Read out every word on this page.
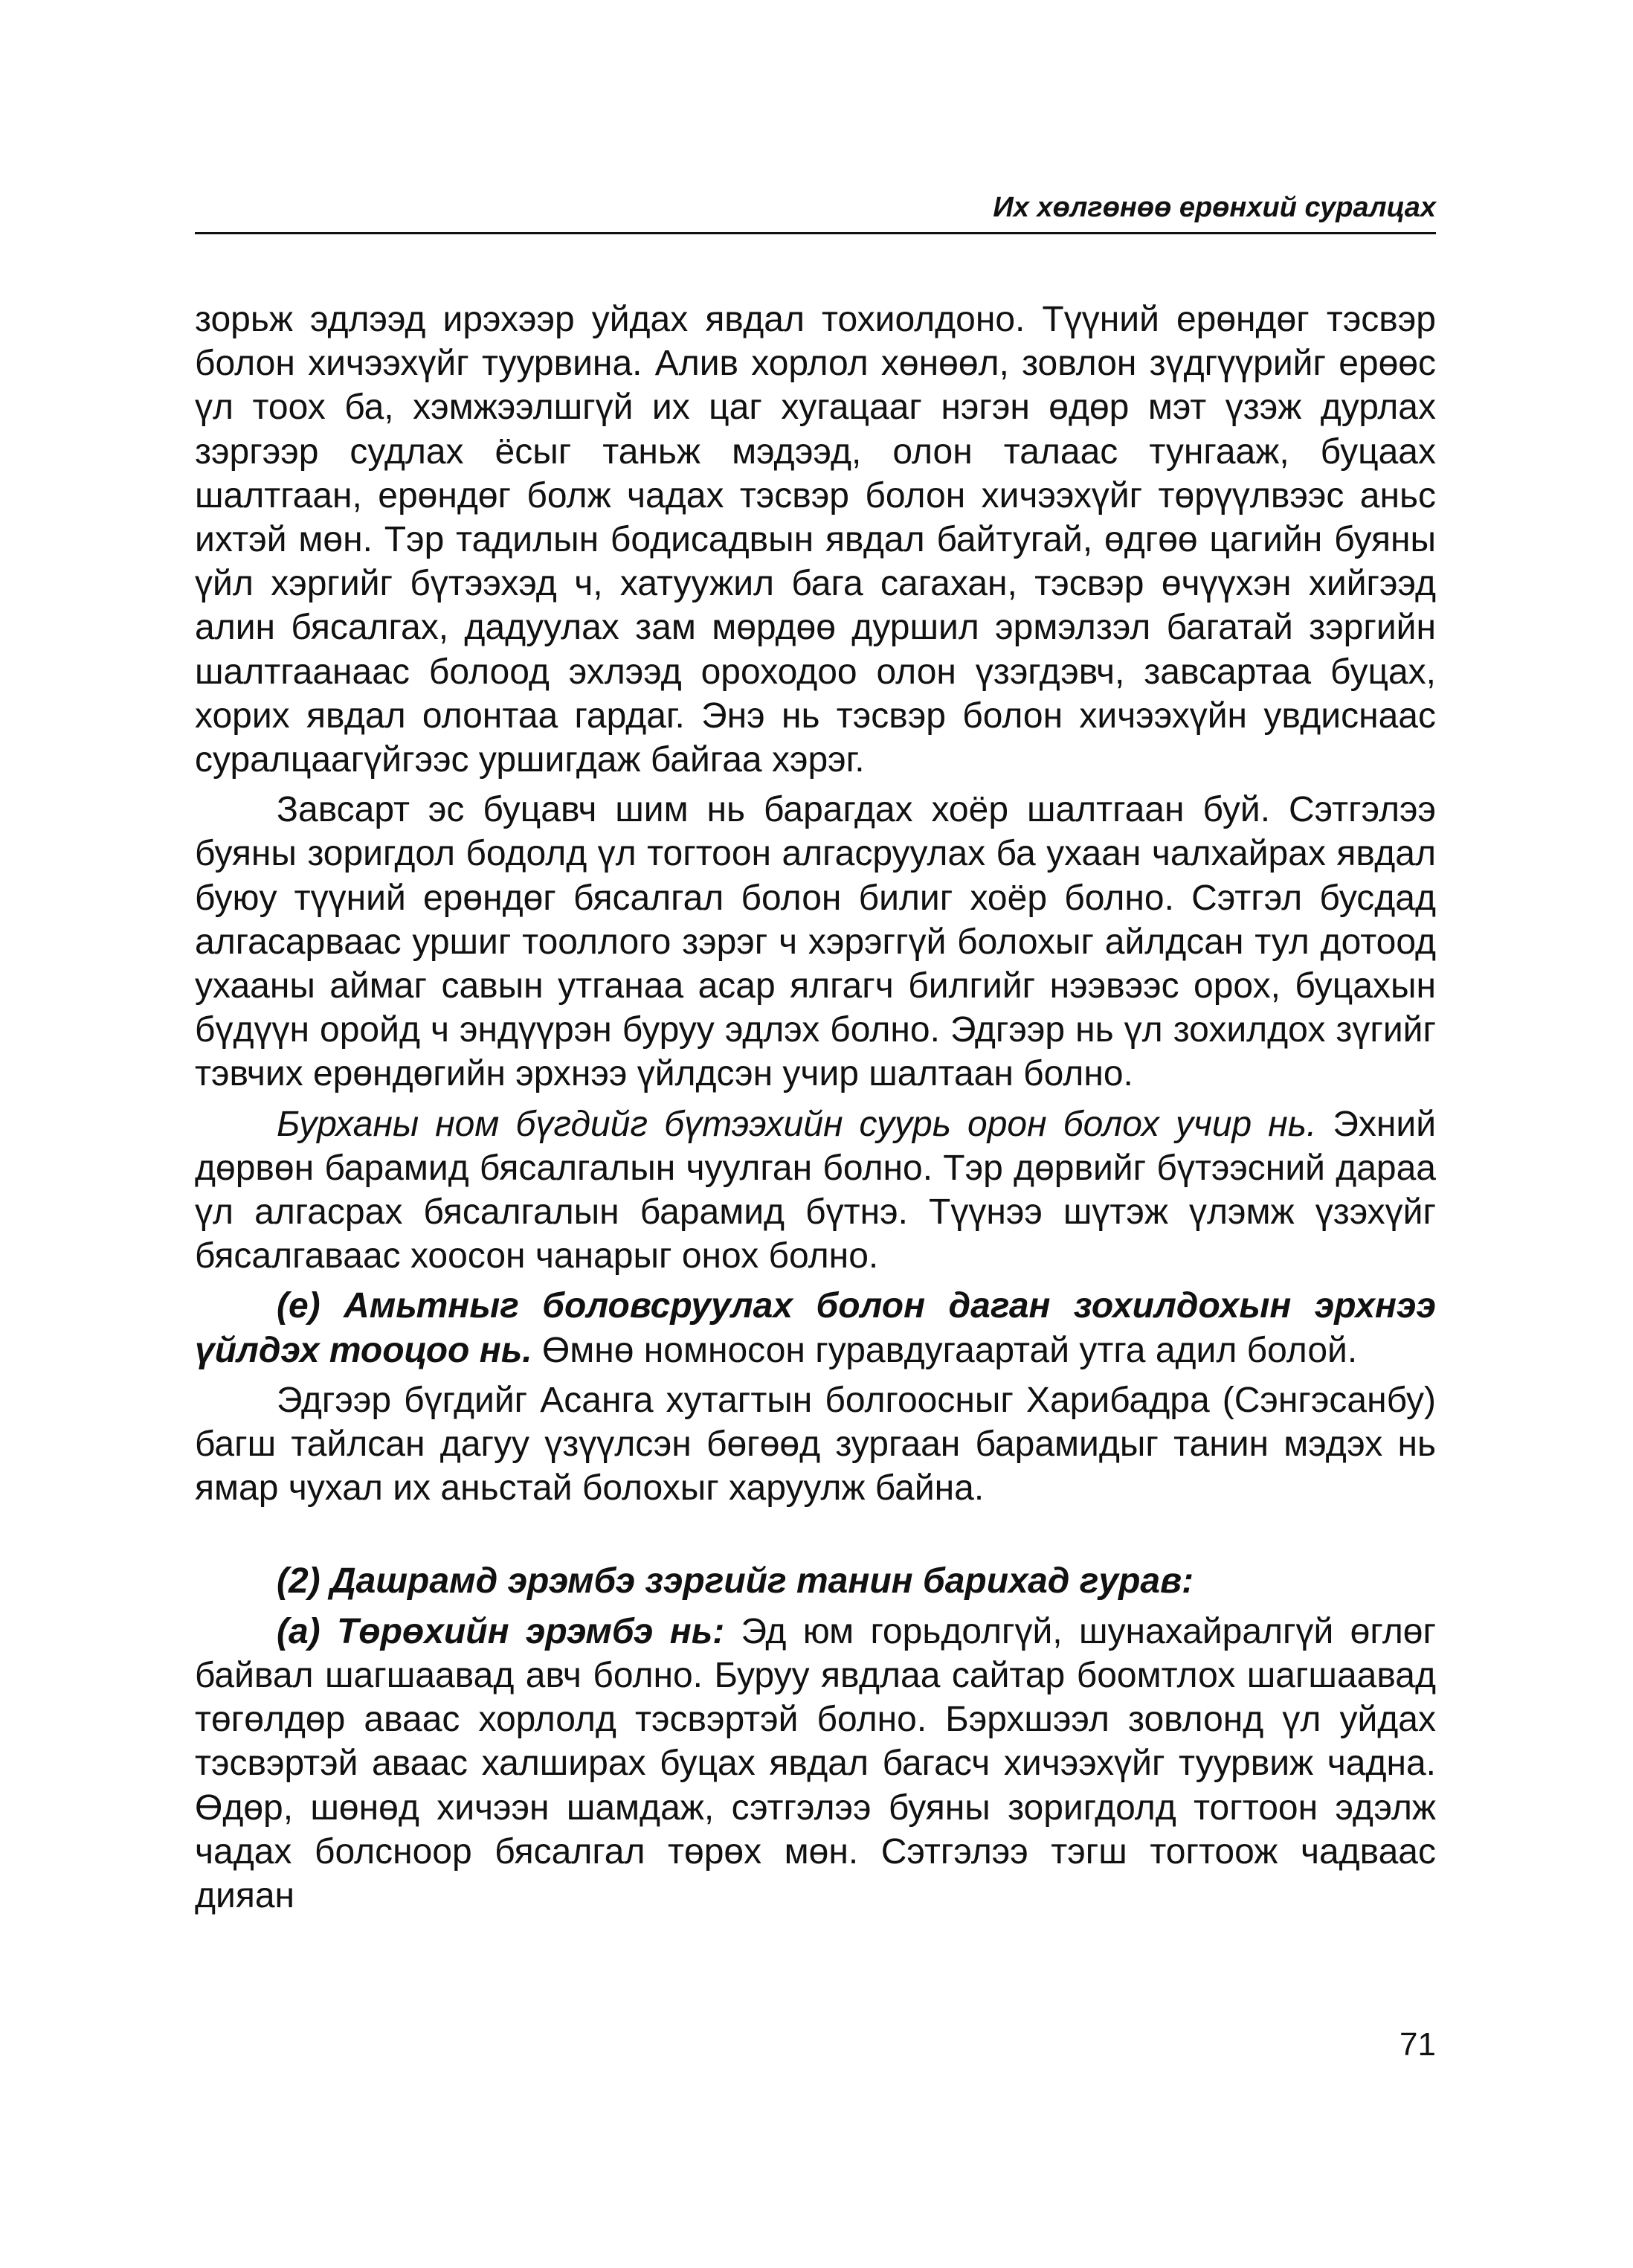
Их хөлгөнөө ерөнхий суралцах

зорьж эдлээд ирэхээр уйдах явдал тохиолдоно. Түүний ерөндөг тэсвэр болон хичээхүйг туурвина. Алив хорлол хөнөөл, зовлон зүдгүүрийг ерөөс үл тоох ба, хэмжээлшгүй их цаг хугацааг нэгэн өдөр мэт үзэж дурлах зэргээр судлах ёсыг таньж мэдээд, олон талаас тунгааж, буцаах шалтгаан, ерөндөг болж чадах тэсвэр болон хичээхүйг төрүүлвээс аньс ихтэй мөн. Тэр тадилын бодисадвын явдал байтугай, өдгөө цагийн буяны үйл хэргийг бүтээхэд ч, хатуужил бага сагахан, тэсвэр өчүүхэн хийгээд алин бясалгах, дадуулах зам мөрдөө дуршил эрмэлзэл багатай зэргийн шалтгаанаас болоод эхлээд ороходоо олон үзэгдэвч, завсартаа буцах, хорих явдал олонтаа гардаг. Энэ нь тэсвэр болон хичээхүйн увдиснаас суралцаагүйгээс уршигдаж байгаа хэрэг.

Завсарт эс буцавч шим нь барагдах хоёр шалтгаан буй. Сэтгэлээ буяны зоригдол бодолд үл тогтоон алгасруулах ба ухаан чалхайрах явдал буюу түүний ерөндөг бясалгал болон билиг хоёр болно. Сэтгэл бусдад алгасарваас уршиг тооллого зэрэг ч хэрэггүй болохыг айлдсан тул дотоод ухааны аймаг савын утганаа асар ялгагч билгийг нээвээс орох, буцахын бүдүүн оройд ч эндүүрэн буруу эдлэх болно. Эдгээр нь үл зохилдох зүгийг тэвчих ерөндөгийн эрхнээ үйлдсэн учир шалтаан болно.

Бурханы ном бүгдийг бүтээхийн суурь орон болох учир нь. Эхний дөрвөн барамид бясалгалын чуулган болно. Тэр дөрвийг бүтээсний дараа үл алгасрах бясалгалын барамид бүтнэ. Түүнээ шүтэж үлэмж үзэхүйг бясалгаваас хоосон чанарыг онох болно.

(е) Амьтныг боловсруулах болон даган зохилдохын эрхнээ үйлдэх тооцоо нь. Өмнө номносон гуравдугаартай утга адил болой.

Эдгээр бүгдийг Асанга хутагтын болгоосныг Харибадра (Сэнгэсанбу) багш тайлсан дагуу үзүүлсэн бөгөөд зургаан барамидыг танин мэдэх нь ямар чухал их аньстай болохыг харуулж байна.

(2) Дашрамд эрэмбэ зэргийг танин барихад гурав:

(а) Төрөхийн эрэмбэ нь: Эд юм горьдолгүй, шунахайралгүй өглөг байвал шагшаавад авч болно. Буруу явдлаа сайтар боомтлох шагшаавад төгөлдөр аваас хорлолд тэсвэртэй болно. Бэрхшээл зовлонд үл уйдах тэсвэртэй аваас халширах буцах явдал багасч хичээхүйг туурвиж чадна. Өдөр, шөнөд хичээн шамдаж, сэтгэлээ буяны зоригдолд тогтоон эдэлж чадах болсноор бясалгал төрөх мөн. Сэтгэлээ тэгш тогтоож чадваас дияан

71
